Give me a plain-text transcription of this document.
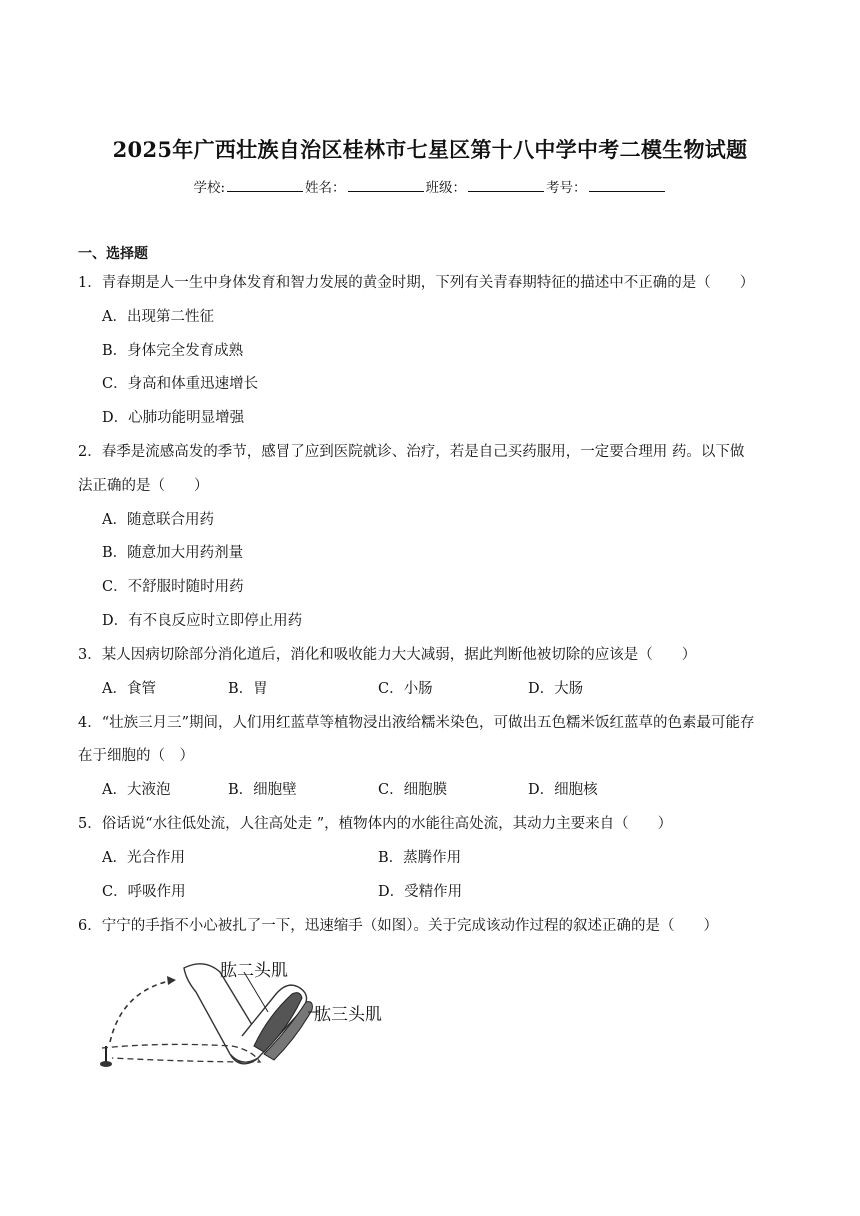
2025年广西壮族自治区桂林市七星区第十八中学中考二模生物试题
学校:	姓名：	班级：	考号：
一、选择题
1．青春期是人一生中身体发育和智力发展的黄金时期，下列有关青春期特征的描述中不正确的是（　　）
A．出现第二性征
B．身体完全发育成熟
C．身高和体重迅速增长
D．心肺功能明显增强
2．春季是流感高发的季节，感冒了应到医院就诊、治疗，若是自己买药服用，一定要合理用 药。以下做
法正确的是（　　）
A．随意联合用药
B．随意加大用药剂量
C．不舒服时随时用药
D．有不良反应时立即停止用药
3．某人因病切除部分消化道后，消化和吸收能力大大减弱，据此判断他被切除的应该是（　　）
A．食管	B．胃	C．小肠	D．大肠
4．“壮族三月三”期间，人们用红蓝草等植物浸出液给糯米染色，可做出五色糯米饭红蓝草的色素最可能存
在于细胞的（　）
A．大液泡	B．细胞壁	C．细胞膜	D．细胞核
5．俗话说“水往低处流，人往高处走 ”，植物体内的水能往高处流，其动力主要来自（　　）
A．光合作用	B．蒸腾作用
C．呼吸作用	D．受精作用
6．宁宁的手指不小心被扎了一下，迅速缩手（如图）。关于完成该动作过程的叙述正确的是（　　）
肱二头肌
肱三头肌
